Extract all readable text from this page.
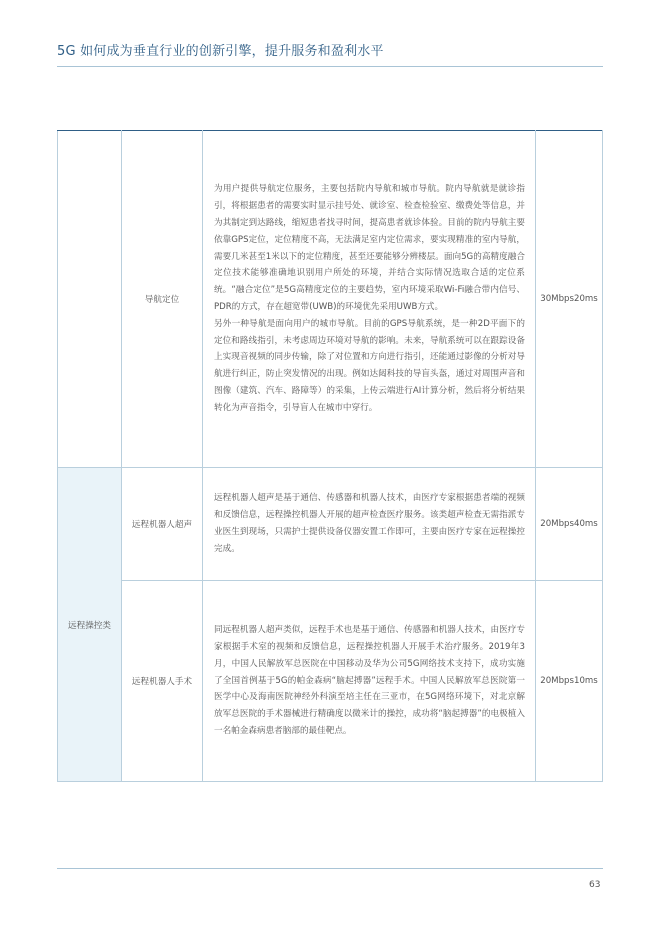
5G 如何成为垂直行业的创新引擎，提升服务和盈利水平
	导航定位	为用户提供导航定位服务，主要包括院内导航和城市导航。院内导航就是就诊指引，将根据患者的需要实时显示挂号处、就诊室、检查检验室、缴费处等信息，并为其制定到达路线，缩短患者找寻时间，提高患者就诊体验。目前的院内导航主要依靠GPS定位，定位精度不高，无法满足室内定位需求，要实现精准的室内导航，需要几米甚至1米以下的定位精度，甚至还要能够分辨楼层。面向5G的高精度融合定位技术能够准确地识别用户所处的环境，并结合实际情况选取合适的定位系统。“融合定位”是5G高精度定位的主要趋势，室内环境采取Wi-Fi融合带内信号、PDR的方式，存在超宽带(UWB)的环境优先采用UWB方式。
另外一种导航是面向用户的城市导航。目前的GPS导航系统，是一种2D平面下的定位和路线指引，未考虑周边环境对导航的影响。未来，导航系统可以在跟踪设备上实现音视频的同步传输，除了对位置和方向进行指引，还能通过影像的分析对导航进行纠正，防止突发情况的出现。例如达闼科技的导盲头盔，通过对周围声音和图像（建筑、汽车、路障等）的采集，上传云端进行AI计算分析，然后将分析结果转化为声音指令，引导盲人在城市中穿行。	30Mbps20ms
远程操控类	远程机器人超声	远程机器人超声是基于通信、传感器和机器人技术，由医疗专家根据患者端的视频和反馈信息，远程操控机器人开展的超声检查医疗服务。该类超声检查无需指派专业医生到现场，只需护士提供设备仪器安置工作即可，主要由医疗专家在远程操控完成。	20Mbps40ms
	远程机器人手术	同远程机器人超声类似，远程手术也是基于通信、传感器和机器人技术，由医疗专家根据手术室的视频和反馈信息，远程操控机器人开展手术治疗服务。2019年3月，中国人民解放军总医院在中国移动及华为公司5G网络技术支持下，成功实施了全国首例基于5G的帕金森病“脑起搏器”远程手术。中国人民解放军总医院第一医学中心及海南医院神经外科演至培主任在三亚市，在5G网络环境下，对北京解放军总医院的手术器械进行精确度以微米计的操控，成功将“脑起搏器”的电极植入一名帕金森病患者脑部的最佳靶点。	20Mbps10ms
63
